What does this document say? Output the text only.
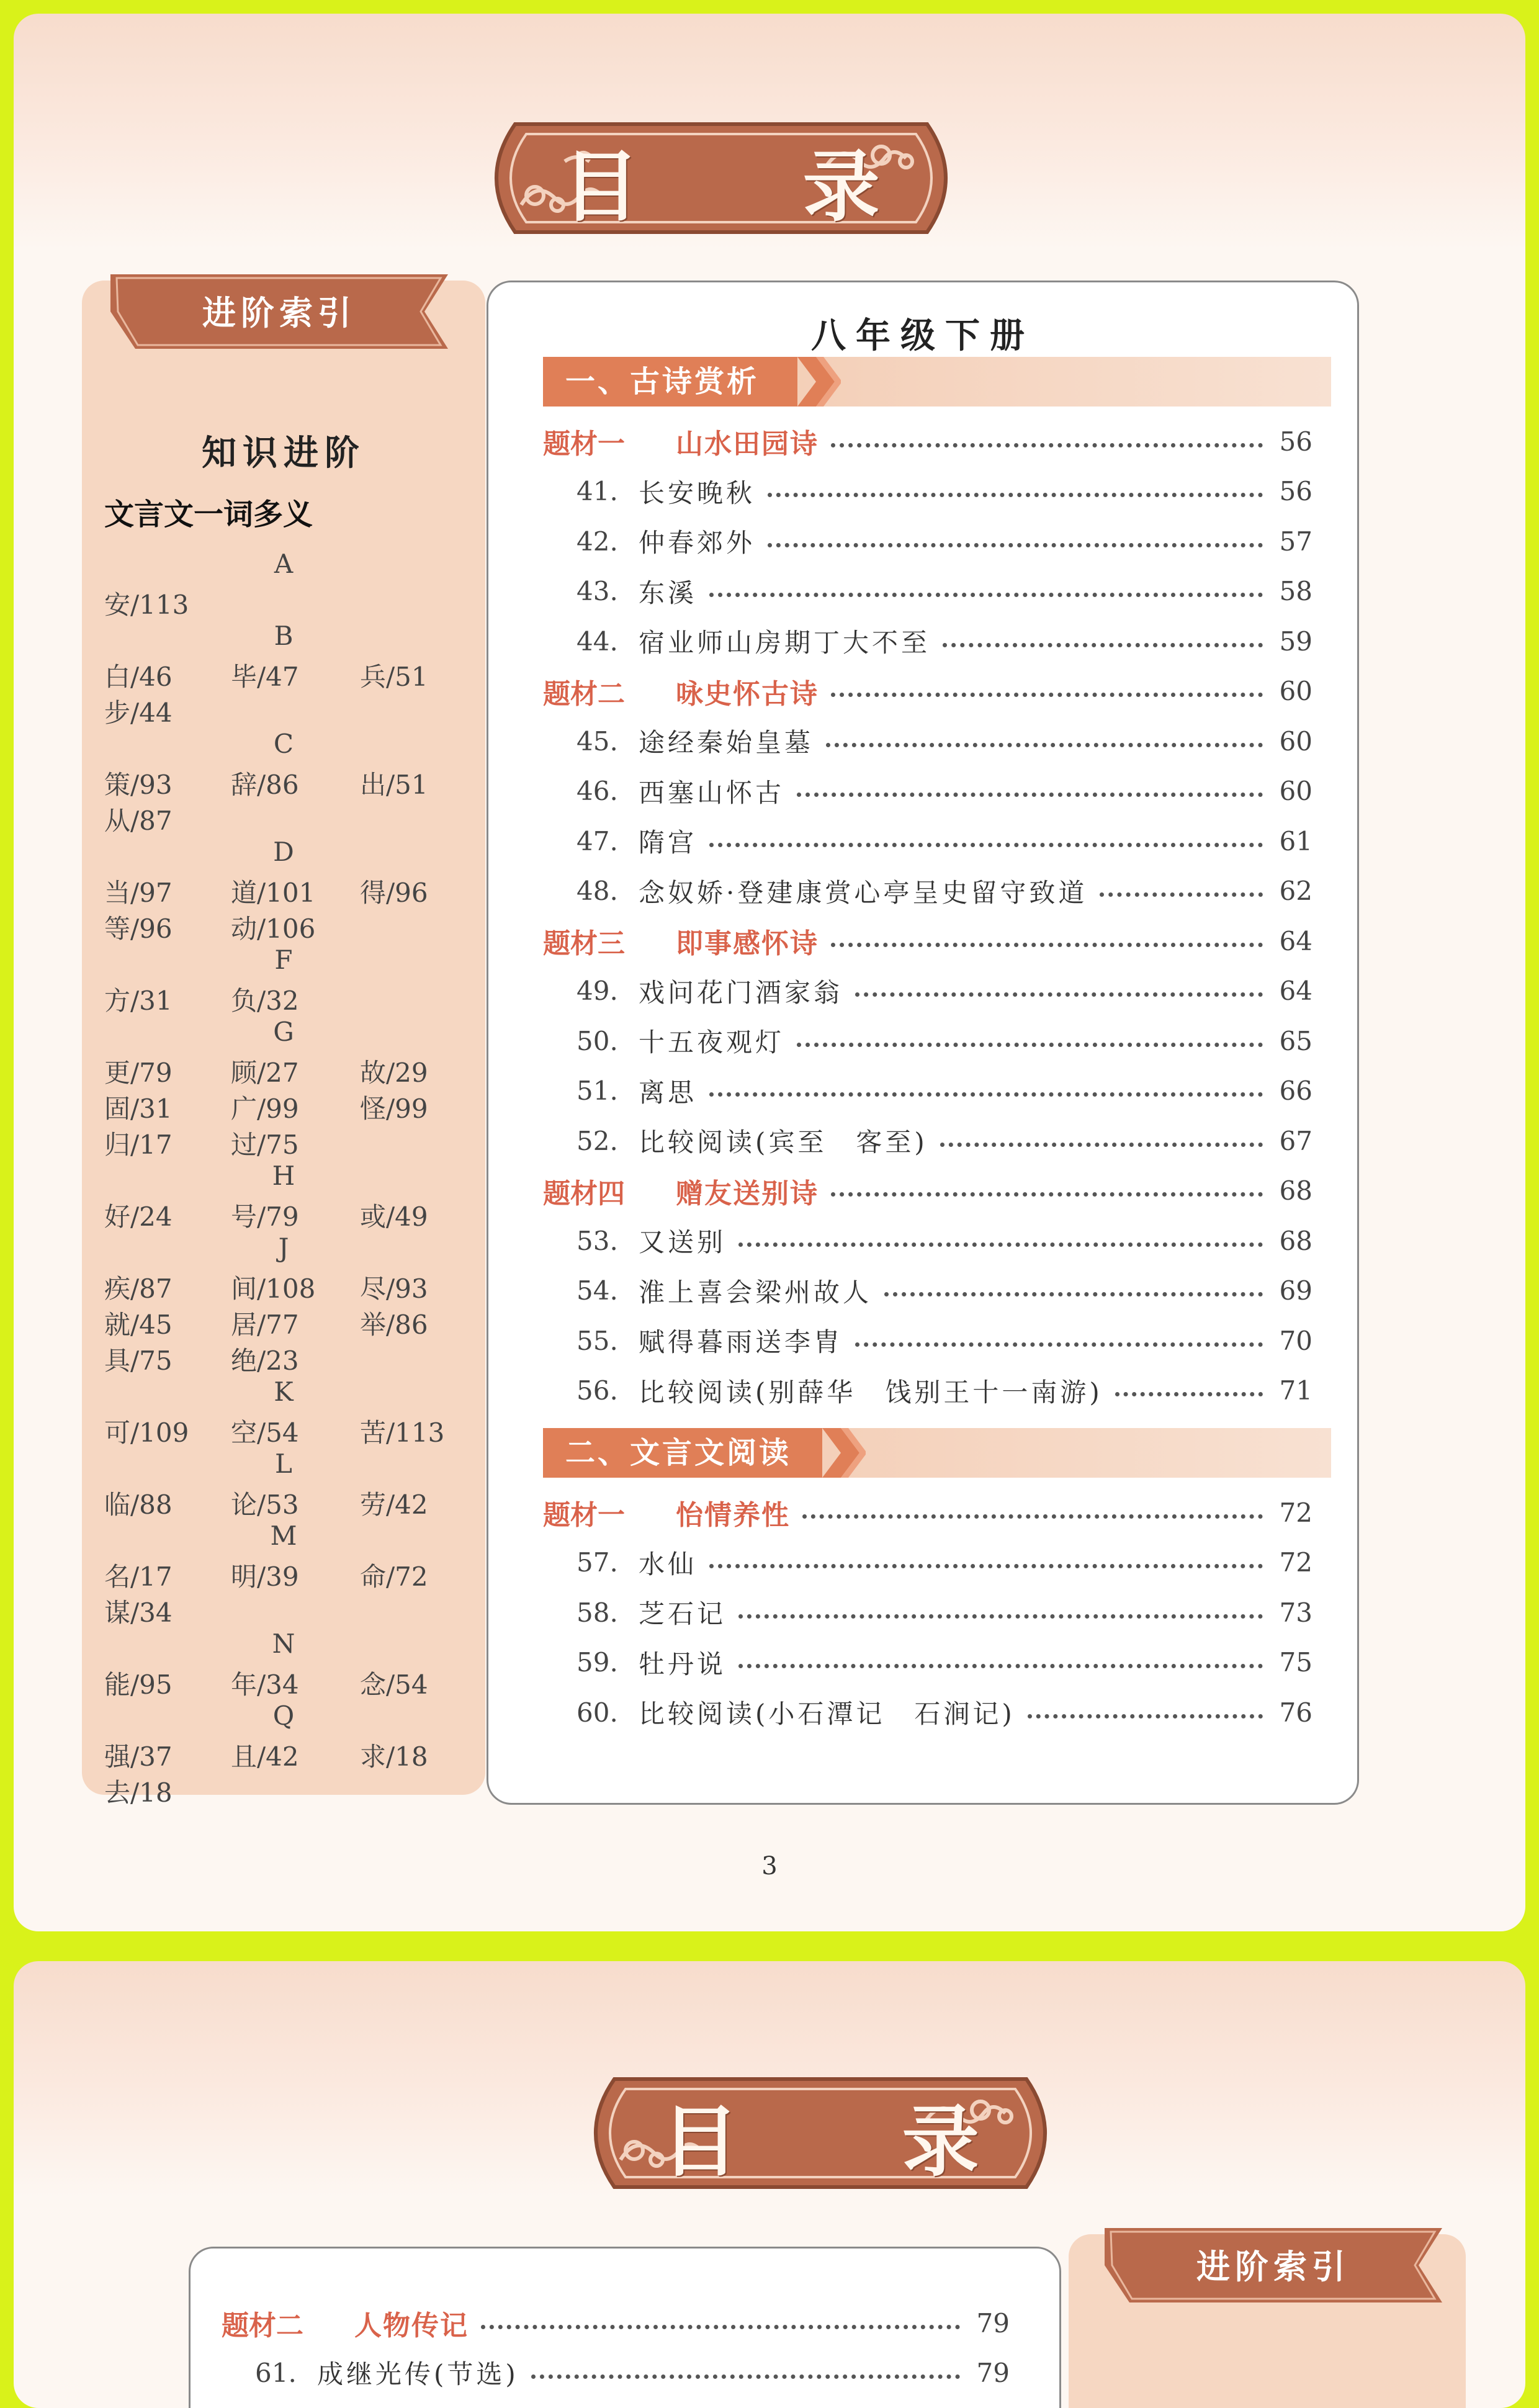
目 录
进阶索引
知识进阶
文言文一词多义
A
安/113
B
白/46 毕/47 兵/51
步/44
C
策/93 辞/86 出/51
从/87
D
当/97 道/101 得/96
等/96 动/106
F
方/31 负/32
G
更/79 顾/27 故/29
固/31 广/99 怪/99
归/17 过/75
H
好/24 号/79 或/49
J
疾/87 间/108 尽/93
就/45 居/77 举/86
具/75 绝/23
K
可/109 空/54 苦/113
L
临/88 论/53 劳/42
M
名/17 明/39 命/72
谋/34
N
能/95 年/34 念/54
Q
强/37 且/42 求/18
去/18
八年级下册
一、古诗赏析
题材一	山水田园诗	56
41. 长安晚秋	56
42. 仲春郊外	57
43. 东溪	58
44. 宿业师山房期丁大不至	59
题材二	咏史怀古诗	60
45. 途经秦始皇墓	60
46. 西塞山怀古	60
47. 隋宫	61
48. 念奴娇·登建康赏心亭呈史留守致道	62
题材三	即事感怀诗	64
49. 戏问花门酒家翁	64
50. 十五夜观灯	65
51. 离思	66
52. 比较阅读(宾至　客至)	67
题材四	赠友送别诗	68
53. 又送别	68
54. 淮上喜会梁州故人	69
55. 赋得暮雨送李胄	70
56. 比较阅读(别薛华　饯别王十一南游)	71
二、文言文阅读
题材一	怡情养性	72
57. 水仙	72
58. 芝石记	73
59. 牡丹说	75
60. 比较阅读(小石潭记　石涧记)	76
3
目 录
题材二	人物传记	79
61. 成继光传(节选)	79
进阶索引
